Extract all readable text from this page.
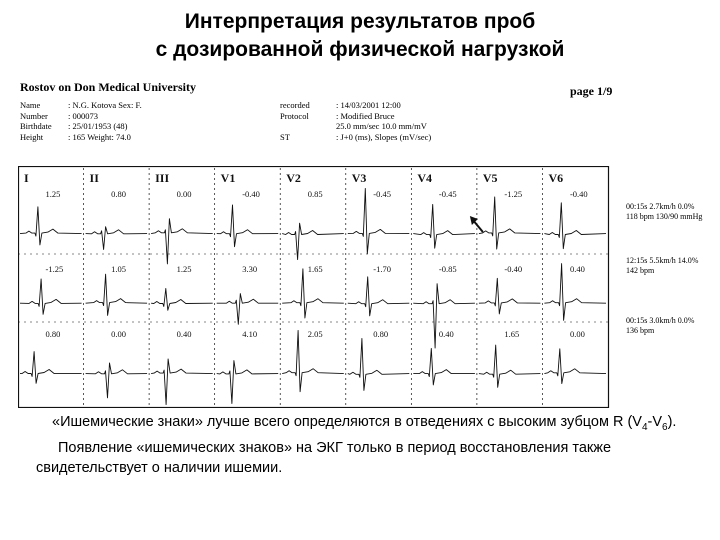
Интерпретация результатов проб
с дозированной физической нагрузкой
Rostov on Don Medical University	page 1/9
Name	: N.G. Kotova Sex: F.
Number : 000073
Birthdate : 25/01/1953 (48)
Height	: 165 Weight: 74.0
recorded	: 14/03/2001 12:00
Protocol	: Modified Bruce
25.0 mm/sec 10.0 mm/mV
ST	: J+0 (ms), Slopes (mV/sec)
I	II	III	V1	V2	V3	V4	V5	V6
1.25	0.80	0.00	-0.40	0.85	-0.45	-0.45	-1.25	-0.40
-1.25	1.05	1.25	3.30	1.65	-1.70	-0.85	-0.40	0.40
0.80	0.00	0.40	4.10	2.05	0.80	0.40	1.65	0.00
00:15s 2.7km/h 0.0%
118 bpm 130/90 mmHg
12:15s 5.5km/h 14.0%
142 bpm
00:15s 3.0km/h 0.0%
136 bpm

«Ишемические знаки» лучше всего определяются в отведениях с высоким зубцом R $(V_4-V_6)$.

Появление «ишемических знаков» на ЭКГ только в период восстановления также свидетельствует о наличии ишемии.
